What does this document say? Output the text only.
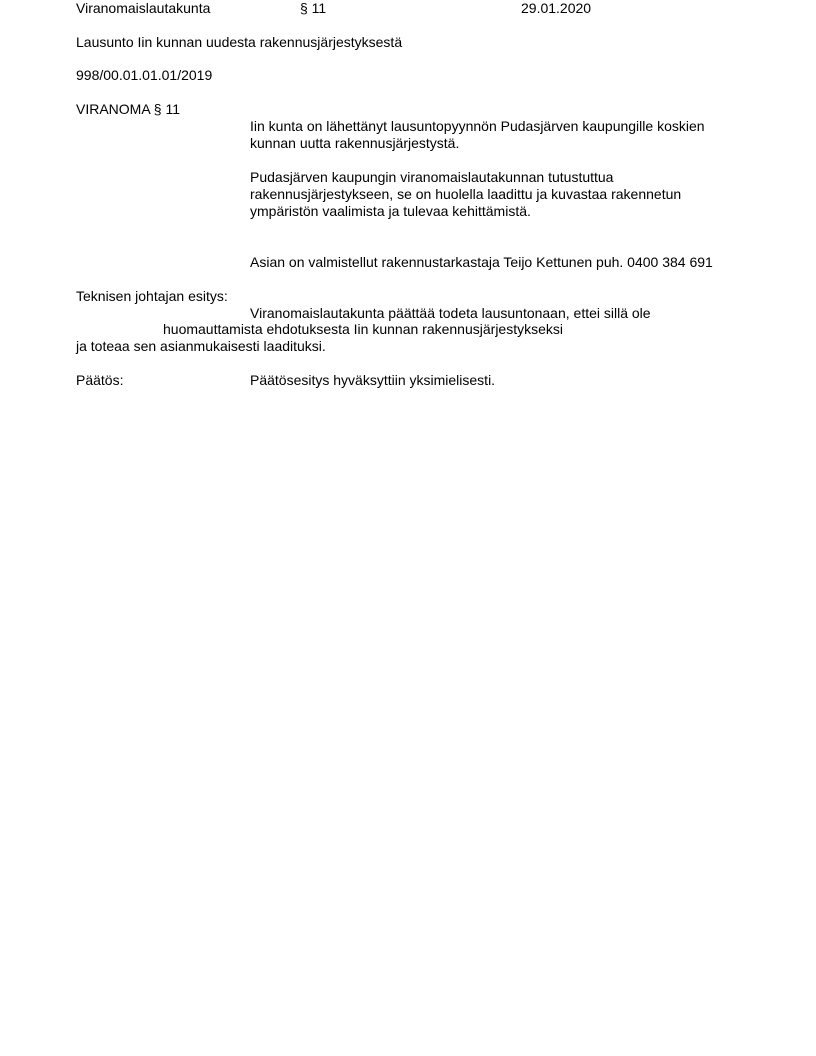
Viranomaislautakunta	§ 11	29.01.2020
Lausunto Iin kunnan uudesta rakennusjärjestyksestä
998/00.01.01.01/2019
VIRANOMA § 11
Iin kunta on lähettänyt lausuntopyynnön Pudasjärven kaupungille koskien
kunnan uutta rakennusjärjestystä.
Pudasjärven kaupungin viranomaislautakunnan tutustuttua
rakennusjärjestykseen, se on huolella laadittu ja kuvastaa rakennetun
ympäristön vaalimista ja tulevaa kehittämistä.
Asian on valmistellut rakennustarkastaja Teijo Kettunen puh. 0400 384 691
Teknisen johtajan esitys:
Viranomaislautakunta päättää todeta lausuntonaan, ettei sillä ole
huomauttamista ehdotuksesta Iin kunnan rakennusjärjestykseksi
ja toteaa sen asianmukaisesti laadituksi.
Päätös:	Päätösesitys hyväksyttiin yksimielisesti.
